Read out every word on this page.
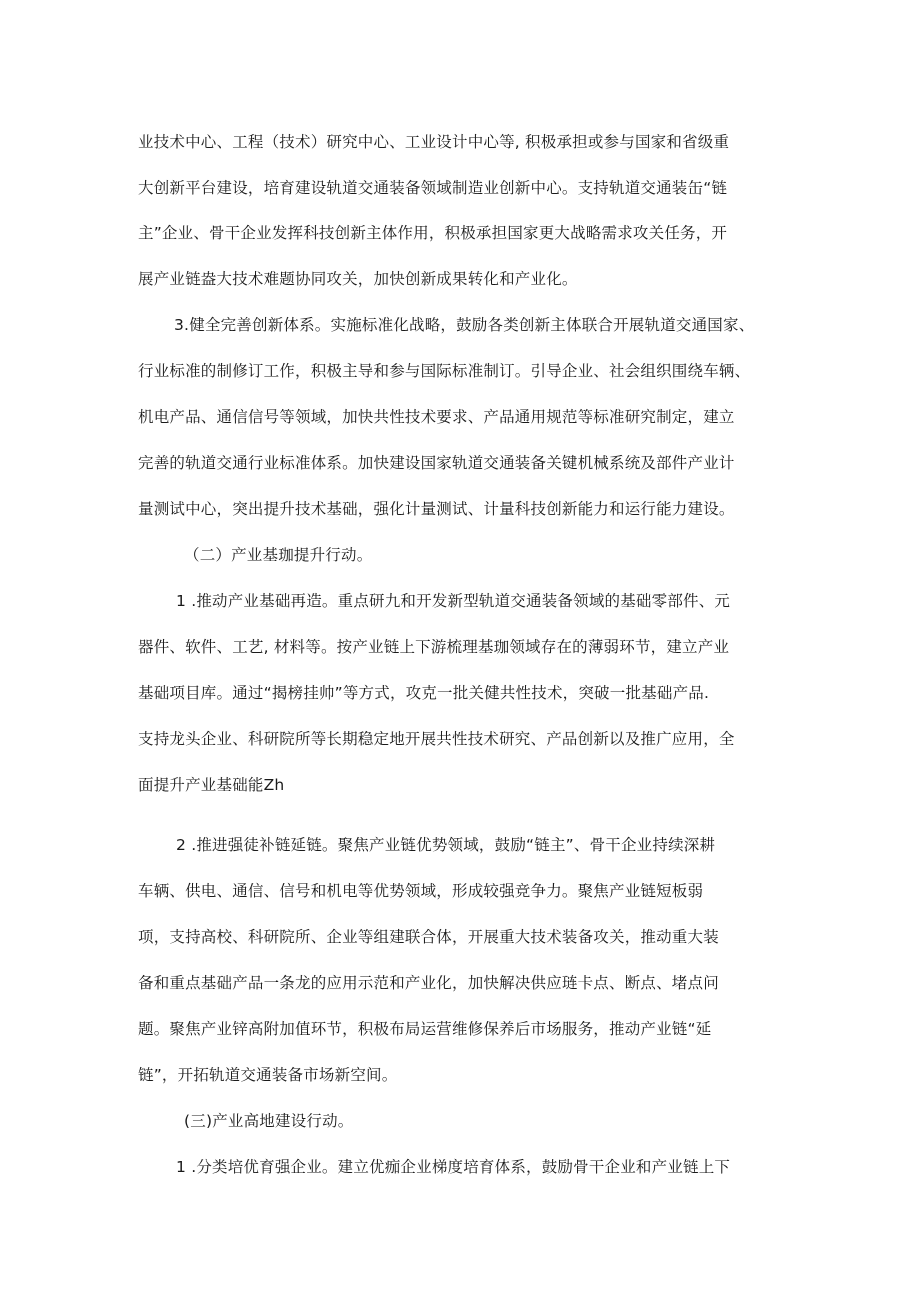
业技术中心、工程（技术）研究中心、工业设计中心等, 积极承担或参与国家和省级重
大创新平台建设，培育建设轨道交通装备领域制造业创新中心。支持轨道交通装缶“链
主”企业、骨干企业发挥科技创新主体作用，积极承担国家更大战略需求攻关任务，开
展产业链盎大技术难题协同攻关，加快创新成果转化和产业化。
3.健全完善创新体系。实施标准化战略，鼓励各类创新主体联合开展轨道交通国家、
行业标准的制修订工作，积极主导和参与国际标准制订。引导企业、社会组织围绕车辆、
机电产品、通信信号等领域，加快共性技术要求、产品通用规范等标准研究制定，建立
完善的轨道交通行业标准体系。加快建设国家轨道交通装备关键机械系统及部件产业计
量测试中心，突出提升技术基础，强化计量测试、计量科技创新能力和运行能力建设。
（二）产业基珈提升行动。
1 .推动产业基础再造。重点研九和开发新型轨道交通装备领域的基础零部件、元
器件、软件、工艺, 材料等。按产业链上下游梳理基珈领域存在的薄弱环节，建立产业
基础项目库。通过“揭榜挂帅”等方式，攻克一批关健共性技术，突破一批基础产品.
支持龙头企业、科研院所等长期稳定地开展共性技术研究、产品创新以及推广应用，全
面提升产业基础能Zh
2 .推进强徒补链延链。聚焦产业链优势领域，鼓励“链主”、骨干企业持续深耕
车辆、供电、通信、信号和机电等优势领域，形成较强竞争力。聚焦产业链短板弱
项，支持高校、科研院所、企业等组建联合体，开展重大技术装备攻关，推动重大装
备和重点基础产品一条龙的应用示范和产业化，加快解决供应琏卡点、断点、堵点问
题。聚焦产业锌高附加值环节，积极布局运营维修保养后市场服务，推动产业链“延
链”，开拓轨道交通装备市场新空间。
(三)产业高地建设行动。
1 .分类培优育强企业。建立优痂企业梯度培育体系，鼓励骨干企业和产业链上下
